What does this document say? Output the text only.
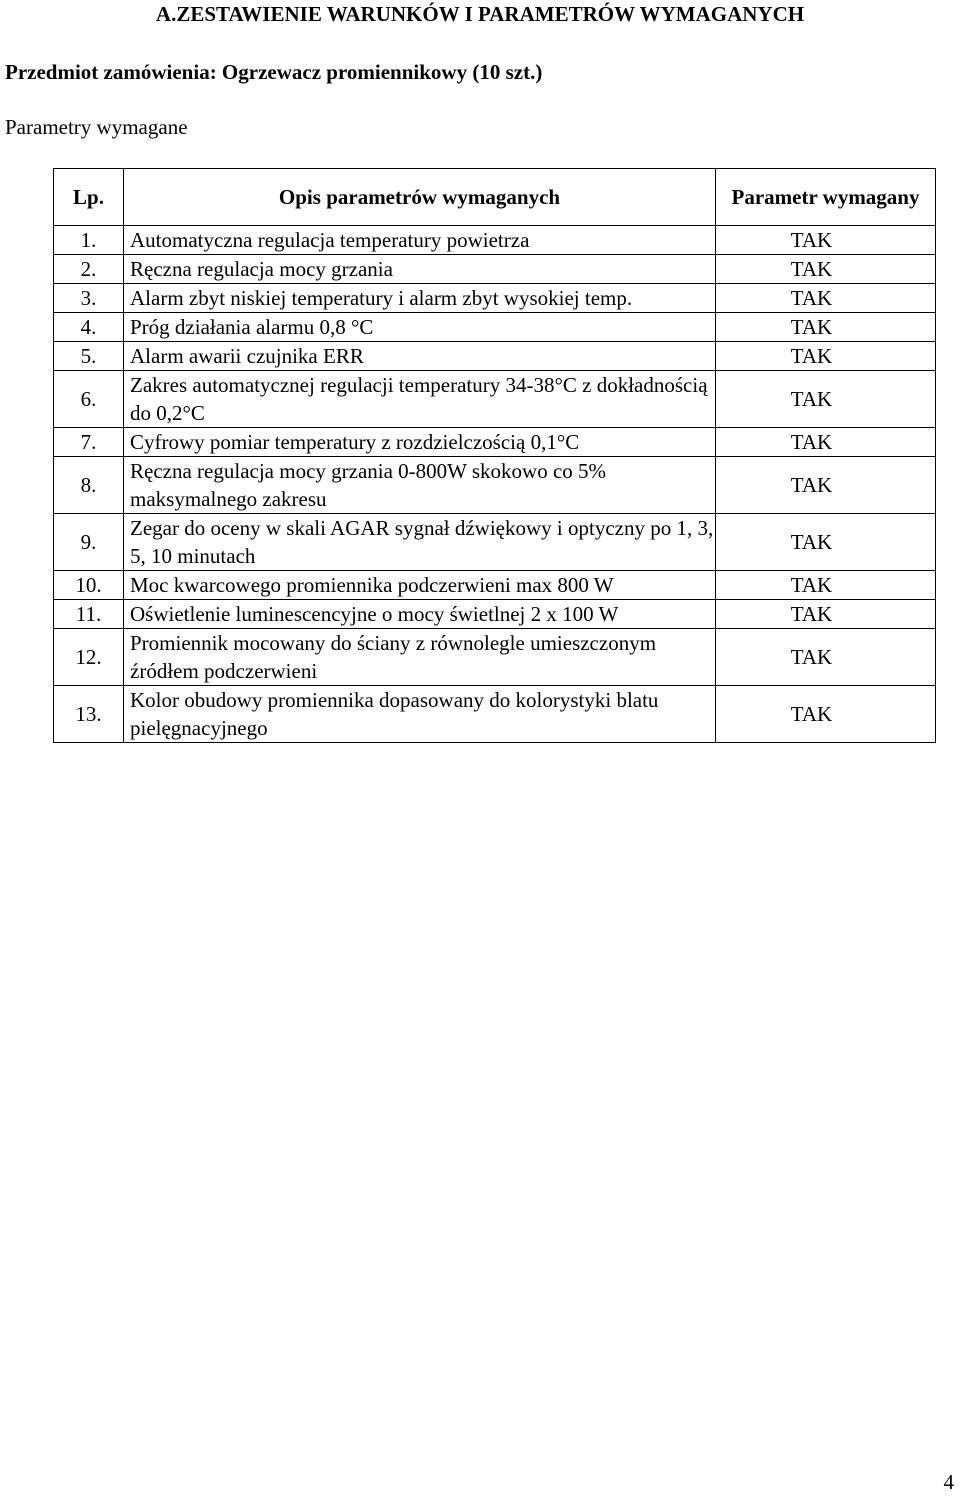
A.ZESTAWIENIE WARUNKÓW I PARAMETRÓW WYMAGANYCH
Przedmiot zamówienia: Ogrzewacz promiennikowy (10 szt.)
Parametry wymagane
Lp.	Opis parametrów wymaganych	Parametr wymagany
1.	Automatyczna regulacja temperatury powietrza	TAK
2.	Ręczna regulacja mocy grzania	TAK
3.	Alarm zbyt niskiej temperatury i alarm zbyt wysokiej temp.	TAK
4.	Próg działania alarmu 0,8 °C	TAK
5.	Alarm awarii czujnika ERR	TAK
6.	Zakres automatycznej regulacji temperatury 34-38°C z dokładnością do 0,2°C	TAK
7.	Cyfrowy pomiar temperatury z rozdzielczością 0,1°C	TAK
8.	Ręczna regulacja mocy grzania 0-800W skokowo co 5% maksymalnego zakresu	TAK
9.	Zegar do oceny w skali AGAR sygnał dźwiękowy i optyczny po 1, 3, 5, 10 minutach	TAK
10.	Moc kwarcowego promiennika podczerwieni max 800 W	TAK
11.	Oświetlenie luminescencyjne o mocy świetlnej 2 x 100 W	TAK
12.	Promiennik mocowany do ściany z równolegle umieszczonym źródłem podczerwieni	TAK
13.	Kolor obudowy promiennika dopasowany do kolorystyki blatu pielęgnacyjnego	TAK
4
